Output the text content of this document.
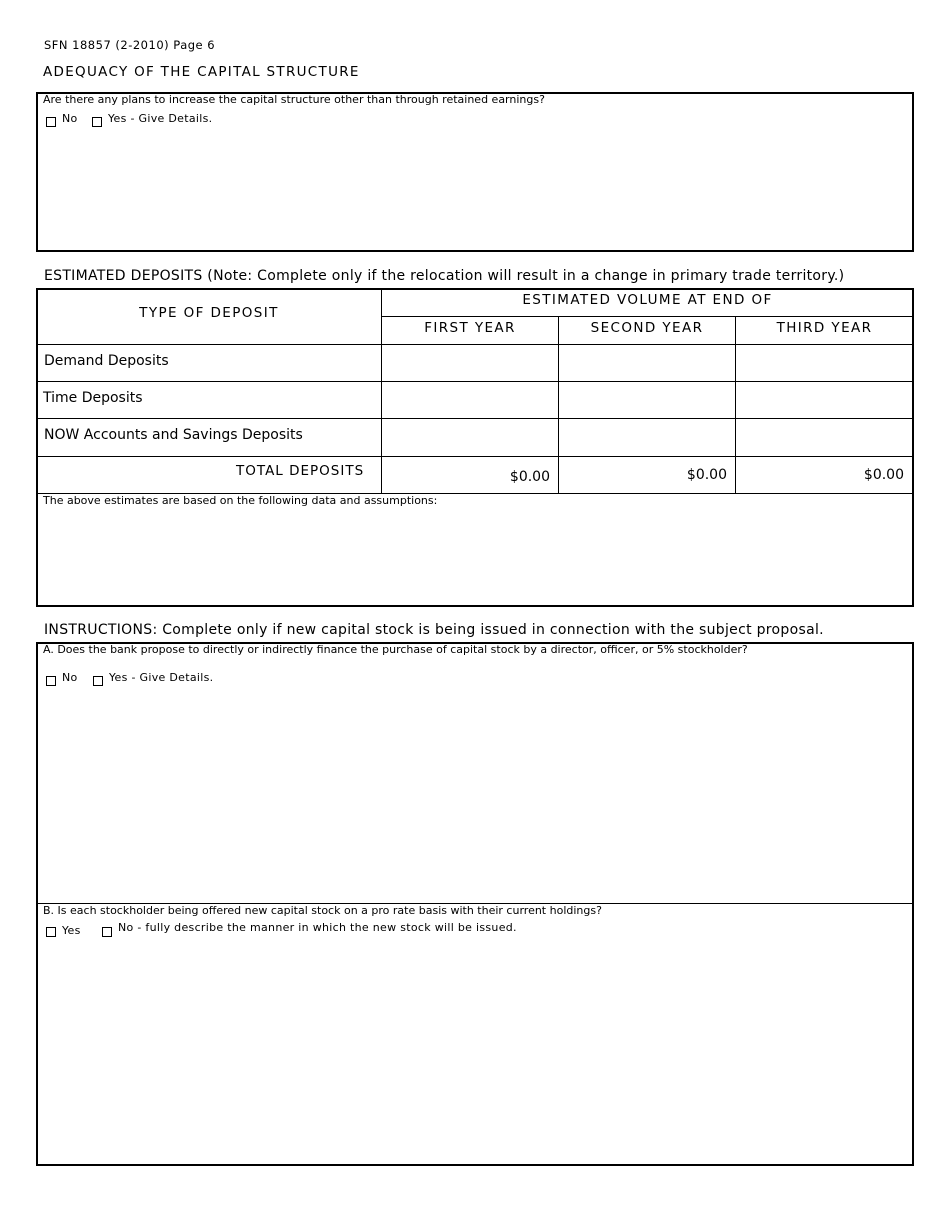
SFN 18857 (2-2010) Page 6
ADEQUACY OF THE CAPITAL STRUCTURE
Are there any plans to increase the capital structure other than through retained earnings?
No	Yes - Give Details.
ESTIMATED DEPOSITS (Note: Complete only if the relocation will result in a change in primary trade territory.)
TYPE OF DEPOSIT
ESTIMATED VOLUME AT END OF
FIRST YEAR	SECOND YEAR	THIRD YEAR
Demand Deposits
Time Deposits
NOW Accounts and Savings Deposits
TOTAL DEPOSITS	$0.00	$0.00	$0.00
The above estimates are based on the following data and assumptions:
INSTRUCTIONS: Complete only if new capital stock is being issued in connection with the subject proposal.
A. Does the bank propose to directly or indirectly finance the purchase of capital stock by a director, officer, or 5% stockholder?
No	Yes - Give Details.
B. Is each stockholder being offered new capital stock on a pro rate basis with their current holdings?
Yes	No - fully describe the manner in which the new stock will be issued.
